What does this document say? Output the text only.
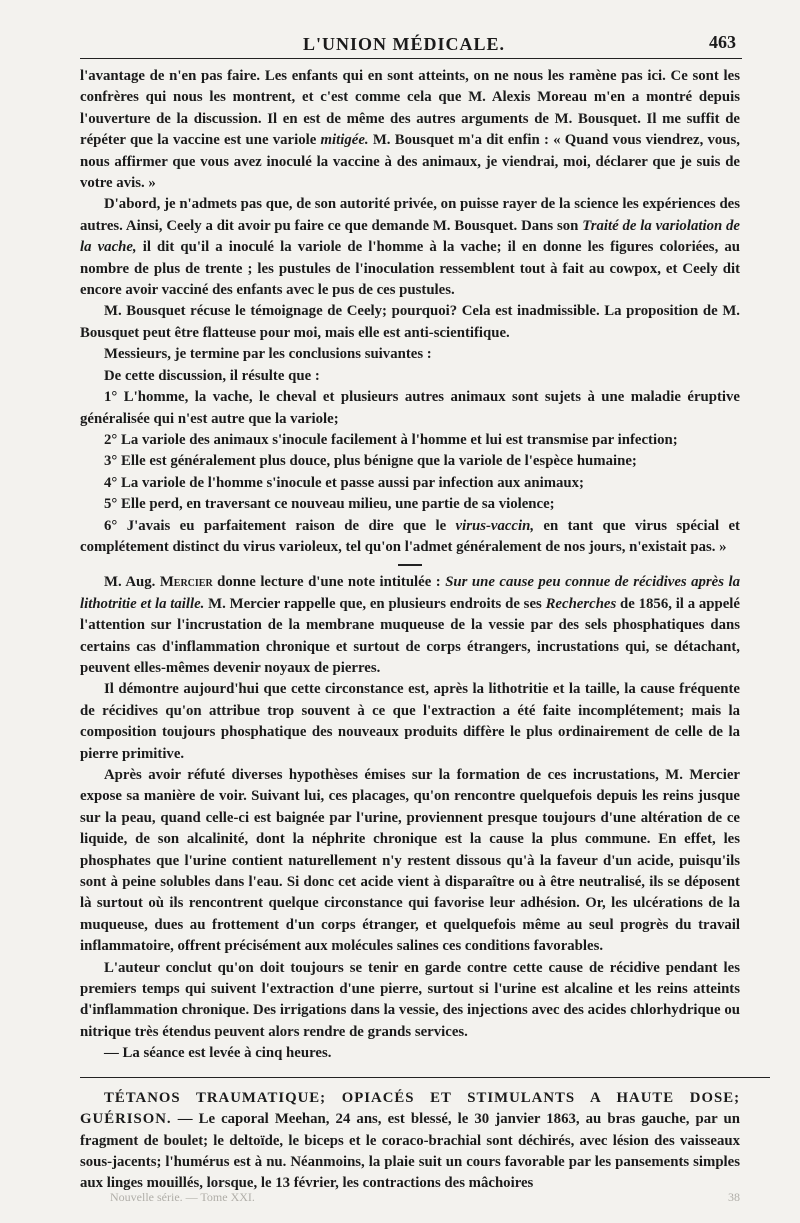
L'UNION MÉDICALE.	463

l'avantage de n'en pas faire. Les enfants qui en sont atteints, on ne nous les ramène pas ici. Ce sont les confrères qui nous les montrent, et c'est comme cela que M. Alexis Moreau m'en a montré depuis l'ouverture de la discussion. Il en est de même des autres arguments de M. Bousquet. Il me suffit de répéter que la vaccine est une variole mitigée. M. Bousquet m'a dit enfin : « Quand vous viendrez, vous, nous affirmer que vous avez inoculé la vaccine à des animaux, je viendrai, moi, déclarer que je suis de votre avis. »

D'abord, je n'admets pas que, de son autorité privée, on puisse rayer de la science les expériences des autres. Ainsi, Ceely a dit avoir pu faire ce que demande M. Bousquet. Dans son Traité de la variolation de la vache, il dit qu'il a inoculé la variole de l'homme à la vache; il en donne les figures coloriées, au nombre de plus de trente ; les pustules de l'inoculation ressemblent tout à fait au cowpox, et Ceely dit encore avoir vacciné des enfants avec le pus de ces pustules.

M. Bousquet récuse le témoignage de Ceely; pourquoi? Cela est inadmissible. La proposition de M. Bousquet peut être flatteuse pour moi, mais elle est anti-scientifique.

Messieurs, je termine par les conclusions suivantes :

De cette discussion, il résulte que :

1° L'homme, la vache, le cheval et plusieurs autres animaux sont sujets à une maladie éruptive généralisée qui n'est autre que la variole;

2° La variole des animaux s'inocule facilement à l'homme et lui est transmise par infection;

3° Elle est généralement plus douce, plus bénigne que la variole de l'espèce humaine;

4° La variole de l'homme s'inocule et passe aussi par infection aux animaux;

5° Elle perd, en traversant ce nouveau milieu, une partie de sa violence;

6° J'avais eu parfaitement raison de dire que le virus-vaccin, en tant que virus spécial et complétement distinct du virus varioleux, tel qu'on l'admet généralement de nos jours, n'existait pas. »

M. Aug. Mercier donne lecture d'une note intitulée : Sur une cause peu connue de récidives après la lithotritie et la taille. M. Mercier rappelle que, en plusieurs endroits de ses Recherches de 1856, il a appelé l'attention sur l'incrustation de la membrane muqueuse de la vessie par des sels phosphatiques dans certains cas d'inflammation chronique et surtout de corps étrangers, incrustations qui, se détachant, peuvent elles-mêmes devenir noyaux de pierres.

Il démontre aujourd'hui que cette circonstance est, après la lithotritie et la taille, la cause fréquente de récidives qu'on attribue trop souvent à ce que l'extraction a été faite incomplétement; mais la composition toujours phosphatique des nouveaux produits diffère le plus ordinairement de celle de la pierre primitive.

Après avoir réfuté diverses hypothèses émises sur la formation de ces incrustations, M. Mercier expose sa manière de voir. Suivant lui, ces placages, qu'on rencontre quelquefois depuis les reins jusque sur la peau, quand celle-ci est baignée par l'urine, proviennent presque toujours d'une altération de ce liquide, de son alcalinité, dont la néphrite chronique est la cause la plus commune. En effet, les phosphates que l'urine contient naturellement n'y restent dissous qu'à la faveur d'un acide, puisqu'ils sont à peine solubles dans l'eau. Si donc cet acide vient à disparaître ou à être neutralisé, ils se déposent là surtout où ils rencontrent quelque circonstance qui favorise leur adhésion. Or, les ulcérations de la muqueuse, dues au frottement d'un corps étranger, et quelquefois même au seul progrès du travail inflammatoire, offrent précisément aux molécules salines ces conditions favorables.

L'auteur conclut qu'on doit toujours se tenir en garde contre cette cause de récidive pendant les premiers temps qui suivent l'extraction d'une pierre, surtout si l'urine est alcaline et les reins atteints d'inflammation chronique. Des irrigations dans la vessie, des injections avec des acides chlorhydrique ou nitrique très étendus peuvent alors rendre de grands services.

— La séance est levée à cinq heures.

TÉTANOS TRAUMATIQUE; OPIACÉS ET STIMULANTS A HAUTE DOSE; GUÉRISON. — Le caporal Meehan, 24 ans, est blessé, le 30 janvier 1863, au bras gauche, par un fragment de boulet; le deltoïde, le biceps et le coraco-brachial sont déchirés, avec lésion des vaisseaux sous-jacents; l'humérus est à nu. Néanmoins, la plaie suit un cours favorable par les pansements simples aux linges mouillés, lorsque, le 13 février, les contractions des mâchoires

Nouvelle série. — Tome XXI.	38
